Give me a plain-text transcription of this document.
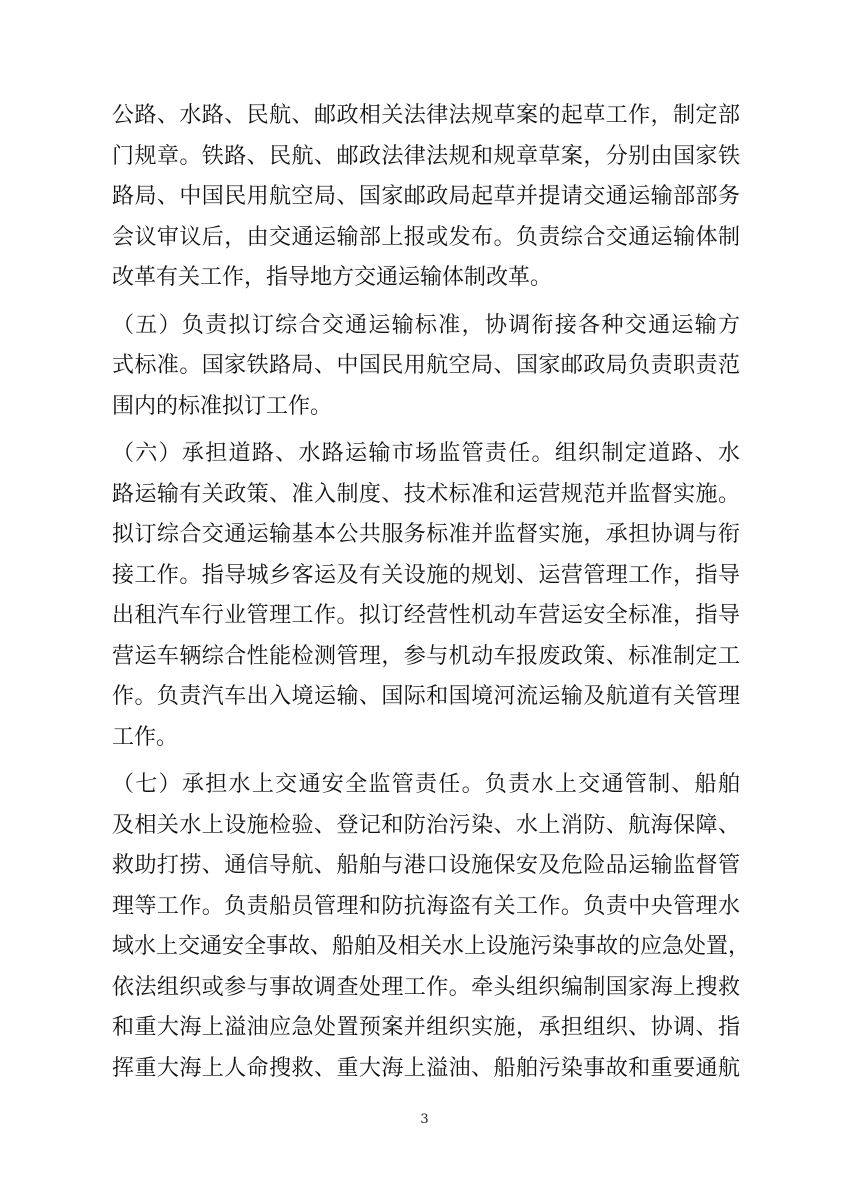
公路、水路、民航、邮政相关法律法规草案的起草工作，制定部
门规章。铁路、民航、邮政法律法规和规章草案，分别由国家铁
路局、中国民用航空局、国家邮政局起草并提请交通运输部部务
会议审议后，由交通运输部上报或发布。负责综合交通运输体制
改革有关工作，指导地方交通运输体制改革。
（五）负责拟订综合交通运输标准，协调衔接各种交通运输方
式标准。国家铁路局、中国民用航空局、国家邮政局负责职责范
围内的标准拟订工作。
（六）承担道路、水路运输市场监管责任。组织制定道路、水
路运输有关政策、准入制度、技术标准和运营规范并监督实施。
拟订综合交通运输基本公共服务标准并监督实施，承担协调与衔
接工作。指导城乡客运及有关设施的规划、运营管理工作，指导
出租汽车行业管理工作。拟订经营性机动车营运安全标准，指导
营运车辆综合性能检测管理，参与机动车报废政策、标准制定工
作。负责汽车出入境运输、国际和国境河流运输及航道有关管理
工作。
（七）承担水上交通安全监管责任。负责水上交通管制、船舶
及相关水上设施检验、登记和防治污染、水上消防、航海保障、
救助打捞、通信导航、船舶与港口设施保安及危险品运输监督管
理等工作。负责船员管理和防抗海盗有关工作。负责中央管理水
域水上交通安全事故、船舶及相关水上设施污染事故的应急处置，
依法组织或参与事故调查处理工作。牵头组织编制国家海上搜救
和重大海上溢油应急处置预案并组织实施，承担组织、协调、指
挥重大海上人命搜救、重大海上溢油、船舶污染事故和重要通航
3
